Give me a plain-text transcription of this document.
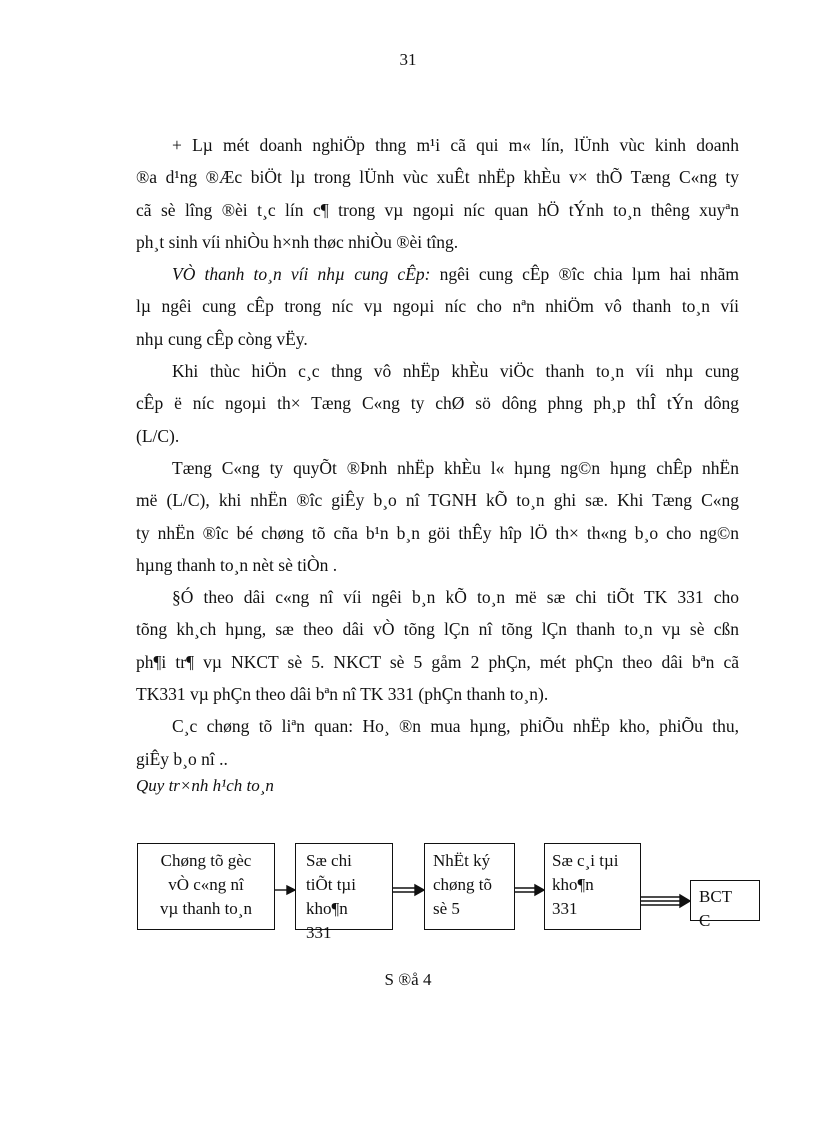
31
+ Lµ mét doanh nghiÖp thng m¹i cã qui m« lín, lÜnh vùc kinh doanh
®a d¹ng ®Æc biÖt lµ trong lÜnh vùc xuÊt nhËp khÈu v× thÕ Tæng C«ng ty
cã sè lîng ®èi t¸c lín c¶ trong vµ ngoµi níc quan hÖ tÝnh to¸n thêng xuyªn
ph¸t sinh víi nhiÒu h×nh thøc nhiÒu ®èi tîng.
VÒ thanh to¸n víi nhµ cung cÊp: ngêi cung cÊp ®îc chia lµm hai nhãm
lµ ngêi cung cÊp trong níc vµ ngoµi níc cho nªn nhiÖm vô thanh to¸n víi
nhµ cung cÊp còng vËy.
Khi thùc hiÖn c¸c thng vô nhËp khÈu viÖc thanh to¸n víi nhµ cung
cÊp ë níc ngoµi th× Tæng C«ng ty chØ sö dông phng ph¸p thÎ tÝn dông
(L/C).
Tæng C«ng ty quyÕt ®Þnh nhËp khÈu l« hµng ng©n hµng chÊp nhËn
më (L/C), khi nhËn ®îc giÊy b¸o nî TGNH kÕ to¸n ghi sæ. Khi Tæng C«ng
ty nhËn ®îc bé chøng tõ cña b¹n b¸n göi thÊy hîp lÖ th× th«ng b¸o cho ng©n
hµng thanh to¸n nèt sè tiÒn .
§Ó theo dâi c«ng nî víi ngêi b¸n kÕ to¸n më sæ chi tiÕt TK 331 cho
tõng kh¸ch hµng, sæ theo dâi vÒ tõng lÇn nî tõng lÇn thanh to¸n vµ sè cßn
ph¶i tr¶ vµ NKCT sè 5. NKCT sè 5 gåm 2 phÇn, mét phÇn theo dâi bªn cã
TK331 vµ phÇn theo dâi bªn nî TK 331 (phÇn thanh to¸n).
C¸c chøng tõ liªn quan: Ho¸ ®n mua hµng, phiÕu nhËp kho, phiÕu thu,
giÊy b¸o nî ..
Quy tr×nh h¹ch to¸n
Chøng tõ gèc
vÒ c«ng nî
vµ thanh to¸n
Sæ chi
tiÕt tµi
kho¶n
331
NhËt ký
chøng tõ
sè 5
Sæ c¸i tµi
kho¶n
331
BCT
C
S ®å 4
